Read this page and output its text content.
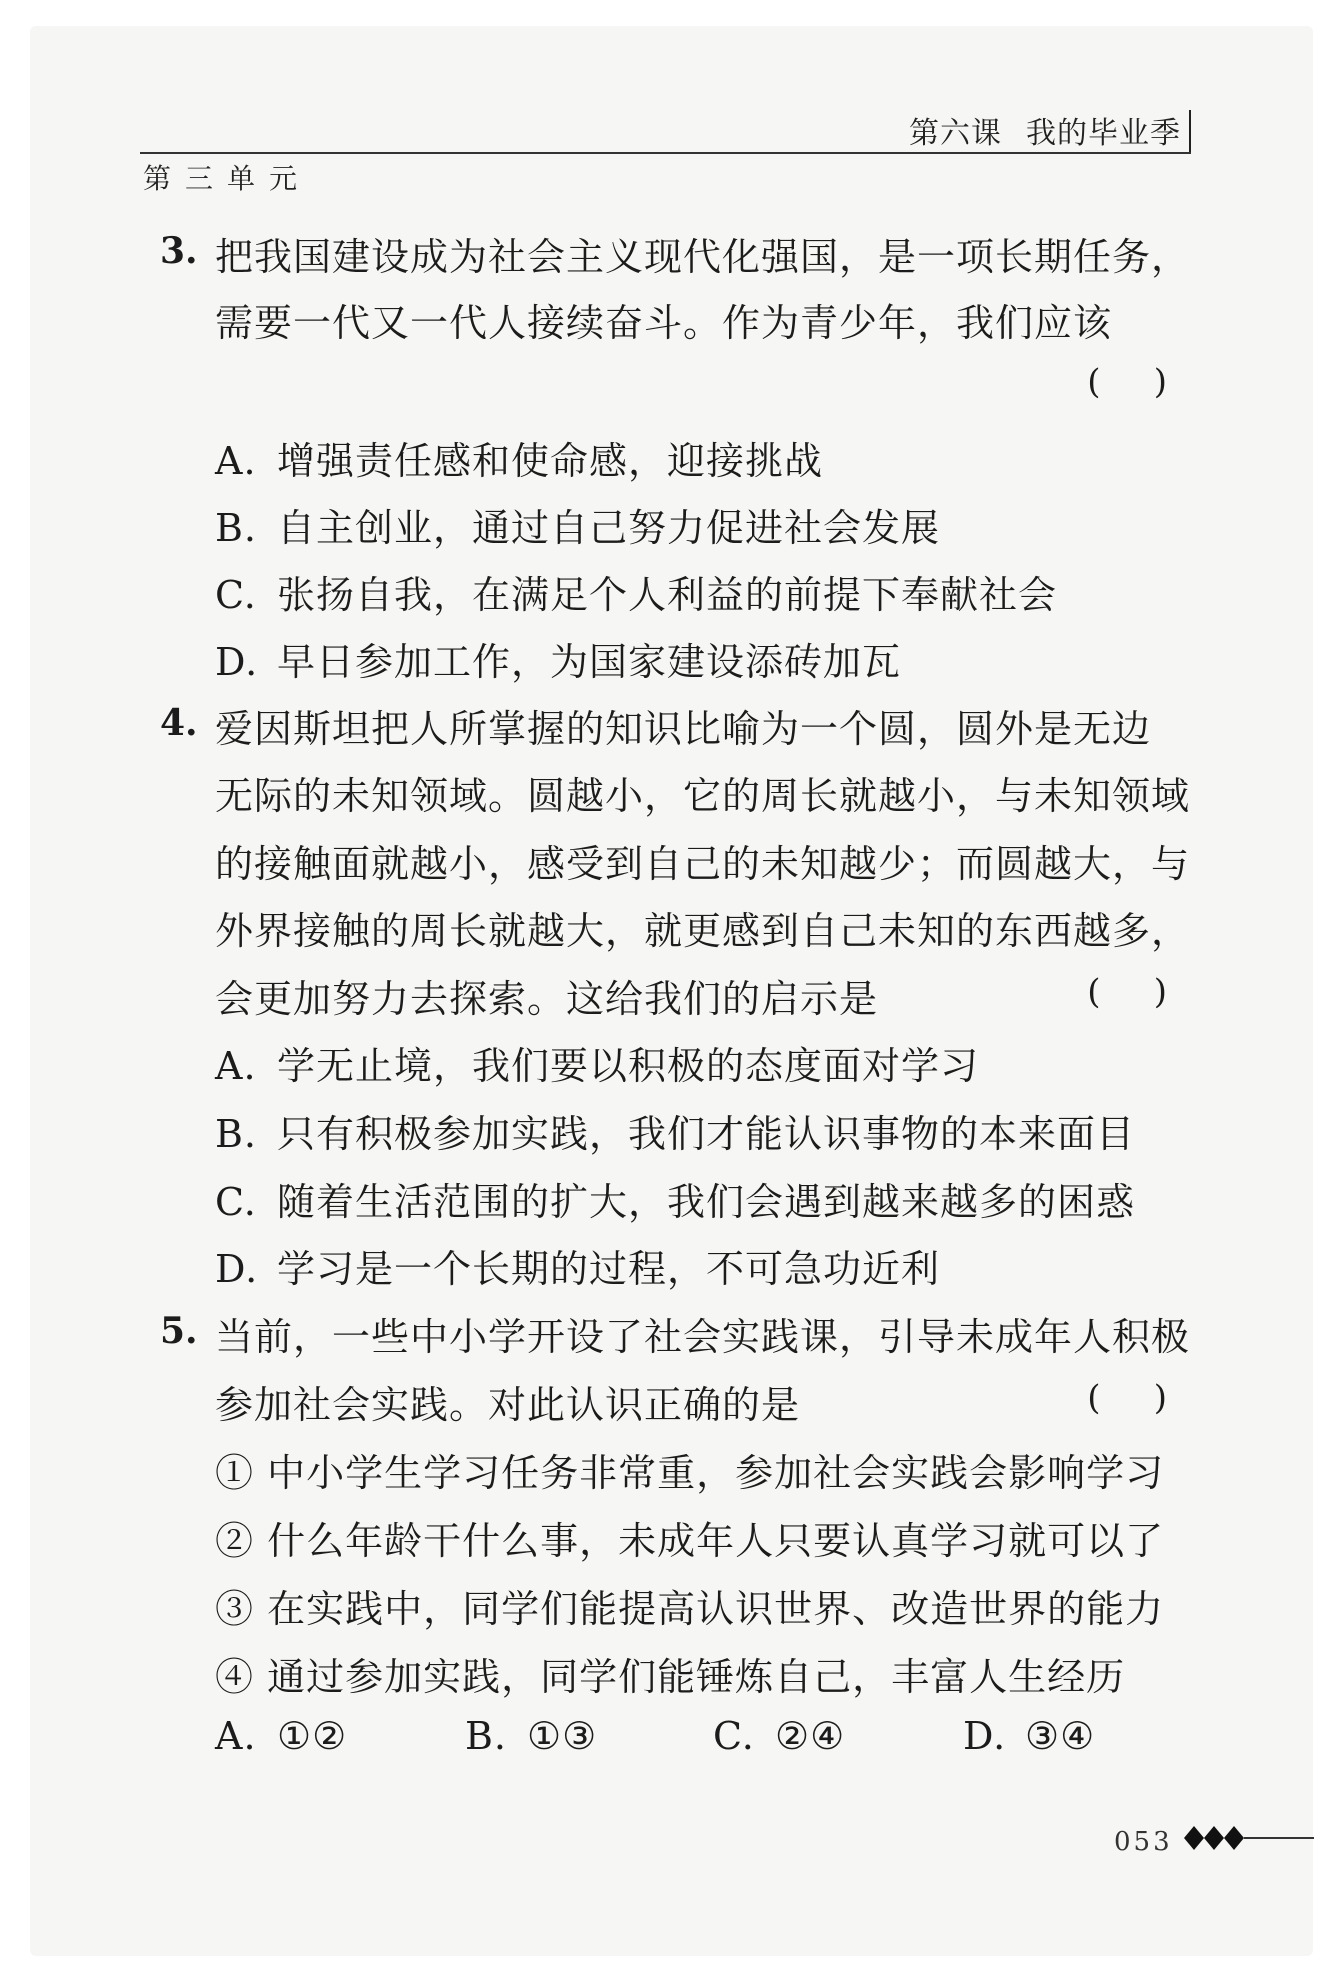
第六课 我的毕业季
第三单元
3. 把我国建设成为社会主义现代化强国，是一项长期任务，
需要一代又一代人接续奋斗。作为青少年，我们应该
(    )
A. 增强责任感和使命感，迎接挑战
B. 自主创业，通过自己努力促进社会发展
C. 张扬自我，在满足个人利益的前提下奉献社会
D. 早日参加工作，为国家建设添砖加瓦
4. 爱因斯坦把人所掌握的知识比喻为一个圆，圆外是无边
无际的未知领域。圆越小，它的周长就越小，与未知领域
的接触面就越小，感受到自己的未知越少；而圆越大，与
外界接触的周长就越大，就更感到自己未知的东西越多，
会更加努力去探索。这给我们的启示是	(    )
A. 学无止境，我们要以积极的态度面对学习
B. 只有积极参加实践，我们才能认识事物的本来面目
C. 随着生活范围的扩大，我们会遇到越来越多的困惑
D. 学习是一个长期的过程，不可急功近利
5. 当前，一些中小学开设了社会实践课，引导未成年人积极
参加社会实践。对此认识正确的是	(    )
① 中小学生学习任务非常重，参加社会实践会影响学习
② 什么年龄干什么事，未成年人只要认真学习就可以了
③ 在实践中，同学们能提高认识世界、改造世界的能力
④ 通过参加实践，同学们能锤炼自己，丰富人生经历
A. ①②	B. ①③	C. ②④	D. ③④
053
